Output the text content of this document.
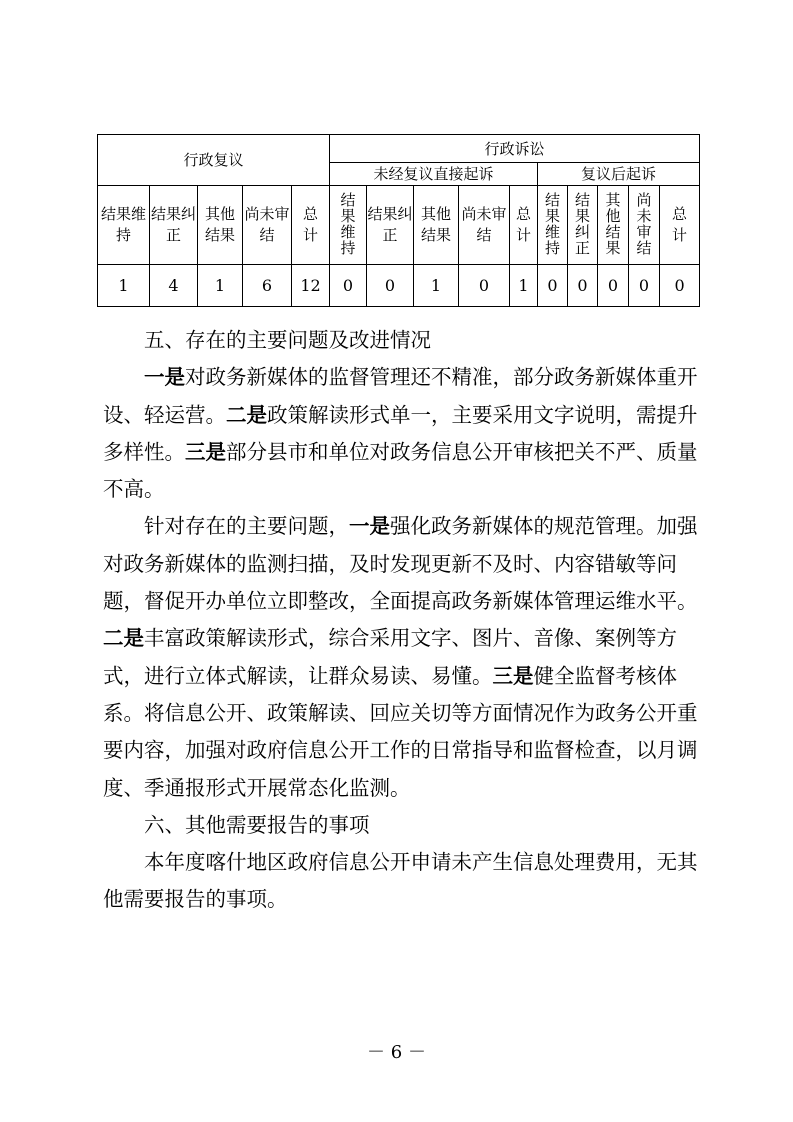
行政复议					行政诉讼									
					未经复议直接起诉					复议后起诉				
结果维持	结果纠正	其他结果	尚未审结	总计	结果维持	结果纠正	其他结果	尚未审结	总计	结果维持	结果纠正	其他结果	尚未审结	总计
1	4	1	6	12	0	0	1	0	1	0	0	0	0	0

五、存在的主要问题及改进情况

一是对政务新媒体的监督管理还不精准，部分政务新媒体重开设、轻运营。二是政策解读形式单一，主要采用文字说明，需提升多样性。三是部分县市和单位对政务信息公开审核把关不严、质量不高。

针对存在的主要问题，一是强化政务新媒体的规范管理。加强对政务新媒体的监测扫描，及时发现更新不及时、内容错敏等问题，督促开办单位立即整改，全面提高政务新媒体管理运维水平。二是丰富政策解读形式，综合采用文字、图片、音像、案例等方式，进行立体式解读，让群众易读、易懂。三是健全监督考核体系。将信息公开、政策解读、回应关切等方面情况作为政务公开重要内容，加强对政府信息公开工作的日常指导和监督检查，以月调度、季通报形式开展常态化监测。

六、其他需要报告的事项

本年度喀什地区政府信息公开申请未产生信息处理费用，无其他需要报告的事项。

－ 6 －
